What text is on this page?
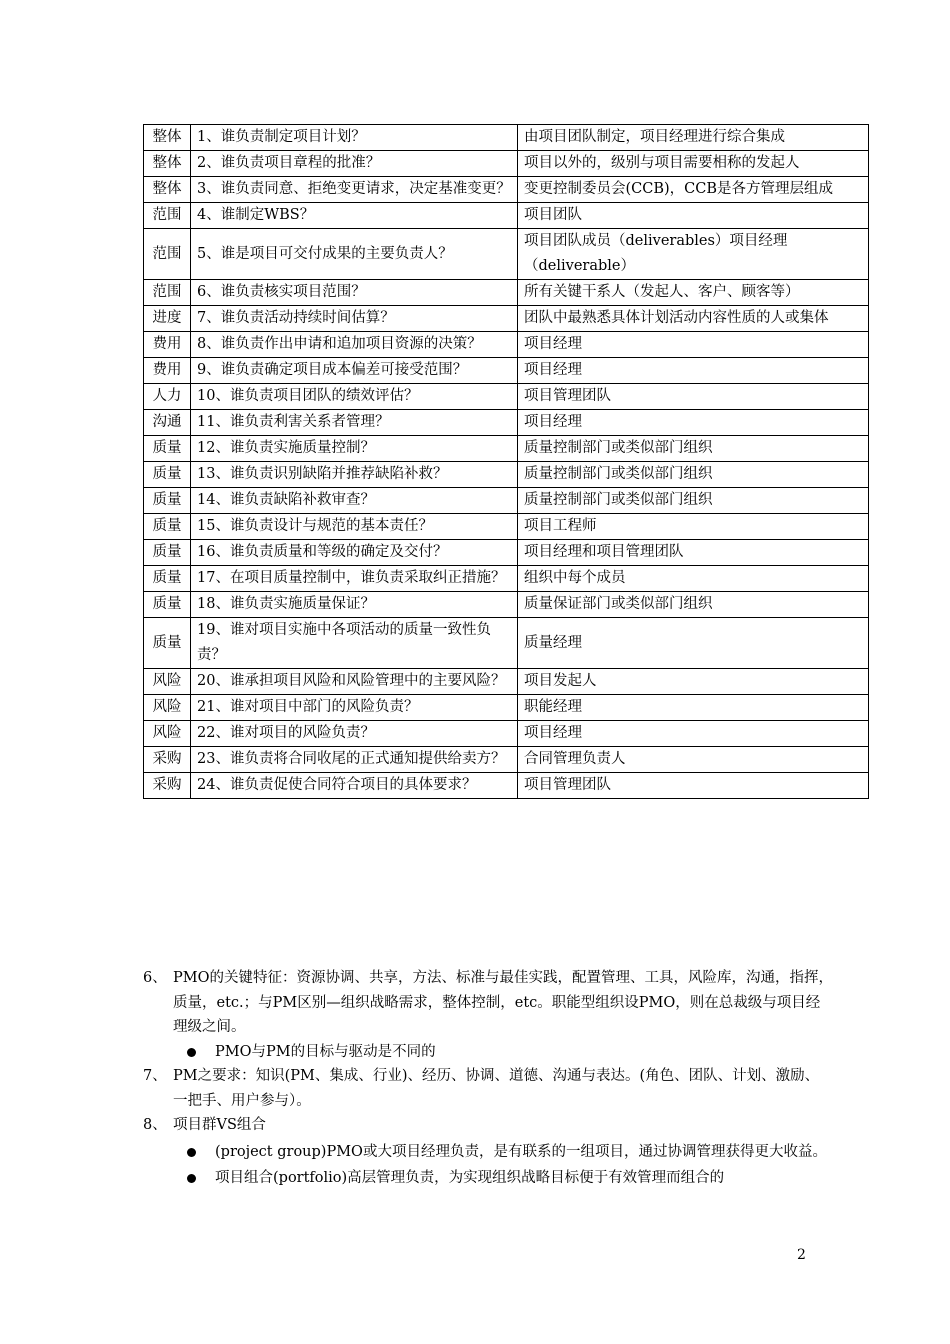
整体	1、谁负责制定项目计划？	由项目团队制定，项目经理进行综合集成
整体	2、谁负责项目章程的批准？	项目以外的，级别与项目需要相称的发起人
整体	3、谁负责同意、拒绝变更请求，决定基准变更？	变更控制委员会(CCB)，CCB是各方管理层组成
范围	4、谁制定WBS？	项目团队
范围	5、谁是项目可交付成果的主要负责人？	项目团队成员（deliverables）项目经理（deliverable）
范围	6、谁负责核实项目范围？	所有关键干系人（发起人、客户、顾客等）
进度	7、谁负责活动持续时间估算？	团队中最熟悉具体计划活动内容性质的人或集体
费用	8、谁负责作出申请和追加项目资源的决策？	项目经理
费用	9、谁负责确定项目成本偏差可接受范围？	项目经理
人力	10、谁负责项目团队的绩效评估？	项目管理团队
沟通	11、谁负责利害关系者管理？	项目经理
质量	12、谁负责实施质量控制？	质量控制部门或类似部门组织
质量	13、谁负责识别缺陷并推荐缺陷补救？	质量控制部门或类似部门组织
质量	14、谁负责缺陷补救审查？	质量控制部门或类似部门组织
质量	15、谁负责设计与规范的基本责任？	项目工程师
质量	16、谁负责质量和等级的确定及交付？	项目经理和项目管理团队
质量	17、在项目质量控制中，谁负责采取纠正措施？	组织中每个成员
质量	18、谁负责实施质量保证？	质量保证部门或类似部门组织
质量	19、谁对项目实施中各项活动的质量一致性负责？	质量经理
风险	20、谁承担项目风险和风险管理中的主要风险？	项目发起人
风险	21、谁对项目中部门的风险负责？	职能经理
风险	22、谁对项目的风险负责？	项目经理
采购	23、谁负责将合同收尾的正式通知提供给卖方？	合同管理负责人
采购	24、谁负责促使合同符合项目的具体要求？	项目管理团队
6、 PMO的关键特征：资源协调、共享，方法、标准与最佳实践，配置管理、工具，风险库，沟通，指挥，质量，etc.；与PM区别—组织战略需求，整体控制，etc。职能型组织设PMO，则在总裁级与项目经理级之间。
PMO与PM的目标与驱动是不同的
7、 PM之要求：知识(PM、集成、行业)、经历、协调、道德、沟通与表达。(角色、团队、计划、激励、一把手、用户参与）。
8、 项目群VS组合
(project group)PMO或大项目经理负责，是有联系的一组项目，通过协调管理获得更大收益。
项目组合(portfolio)高层管理负责，为实现组织战略目标便于有效管理而组合的
2
